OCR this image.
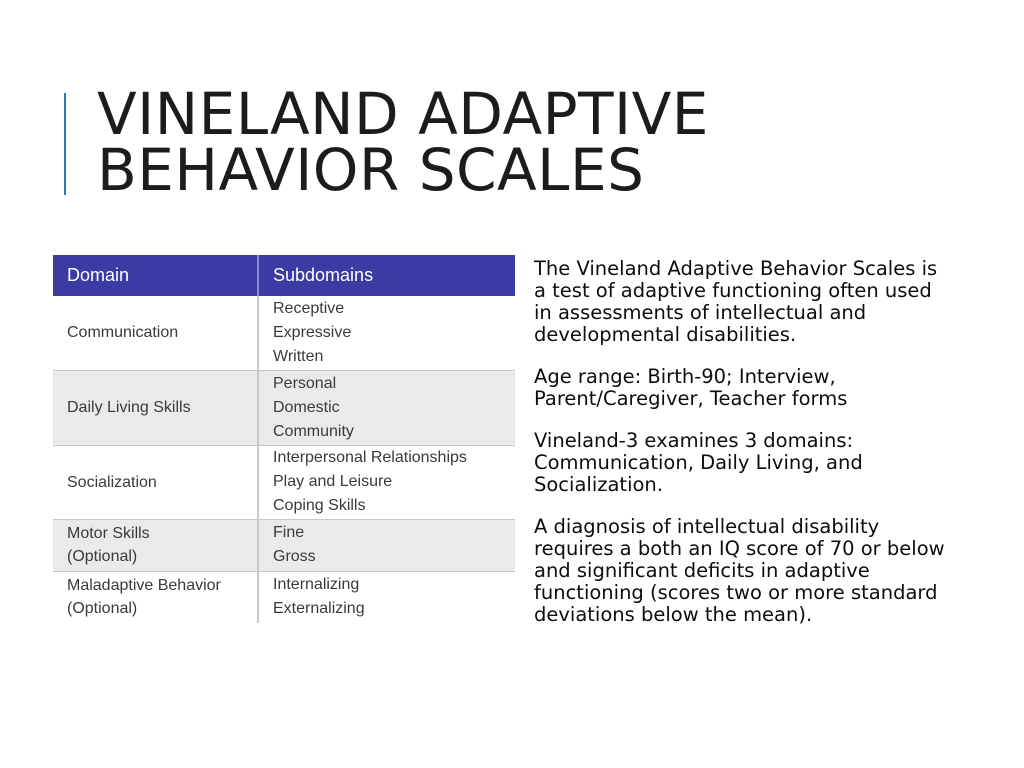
VINELAND ADAPTIVE
BEHAVIOR SCALES
Domain	Subdomains

Communication	Receptive
Expressive
Written

Daily Living Skills	Personal
Domestic
Community

Socialization	Interpersonal Relationships
Play and Leisure
Coping Skills

Motor Skills
(Optional)	Fine
Gross

Maladaptive Behavior
(Optional)	Internalizing
Externalizing

The Vineland Adaptive Behavior Scales is a test of adaptive functioning often used in assessments of intellectual and developmental disabilities.

Age range: Birth-90; Interview, Parent/Caregiver, Teacher forms

Vineland-3 examines 3 domains: Communication, Daily Living, and Socialization.

A diagnosis of intellectual disability requires a both an IQ score of 70 or below and significant deficits in adaptive functioning (scores two or more standard deviations below the mean).
